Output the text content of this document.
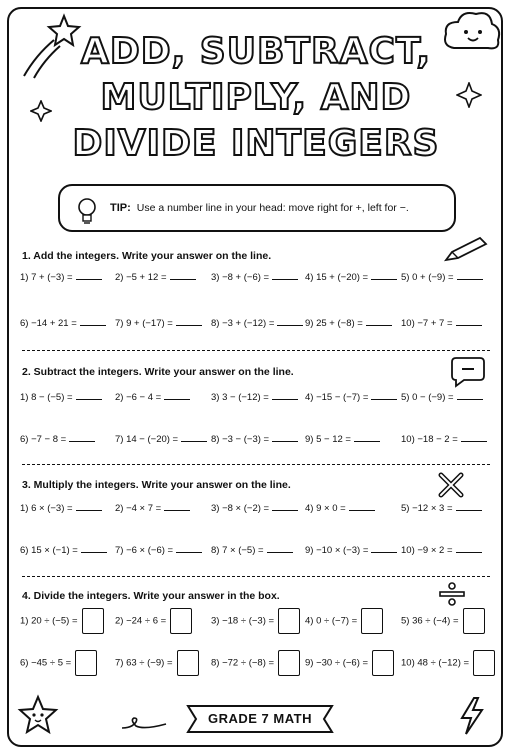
ADD, SUBTRACT,
MULTIPLY, AND
DIVIDE INTEGERS
TIP: Use a number line in your head: move right for +, left for −.
1. Add the integers. Write your answer on the line.
1) 7 + (−3) =	2) −5 + 12 =	3) −8 + (−6) =	4) 15 + (−20) =	5) 0 + (−9) =
6) −14 + 21 =	7) 9 + (−17) =	8) −3 + (−12) =	9) 25 + (−8) =	10) −7 + 7 =
2. Subtract the integers. Write your answer on the line.
1) 8 − (−5) =	2) −6 − 4 =	3) 3 − (−12) =	4) −15 − (−7) =	5) 0 − (−9) =
6) −7 − 8 =	7) 14 − (−20) =	8) −3 − (−3) =	9) 5 − 12 =	10) −18 − 2 =
3. Multiply the integers. Write your answer on the line.
1) 6 × (−3) =	2) −4 × 7 =	3) −8 × (−2) =	4) 9 × 0 =	5) −12 × 3 =
6) 15 × (−1) =	7) −6 × (−6) =	8) 7 × (−5) =	9) −10 × (−3) =	10) −9 × 2 =
4. Divide the integers. Write your answer in the box.
1) 20 ÷ (−5) =	2) −24 ÷ 6 =	3) −18 ÷ (−3) =	4) 0 ÷ (−7) =	5) 36 ÷ (−4) =
6) −45 ÷ 5 =	7) 63 ÷ (−9) =	8) −72 ÷ (−8) =	9) −30 ÷ (−6) =	10) 48 ÷ (−12) =
GRADE 7 MATH
